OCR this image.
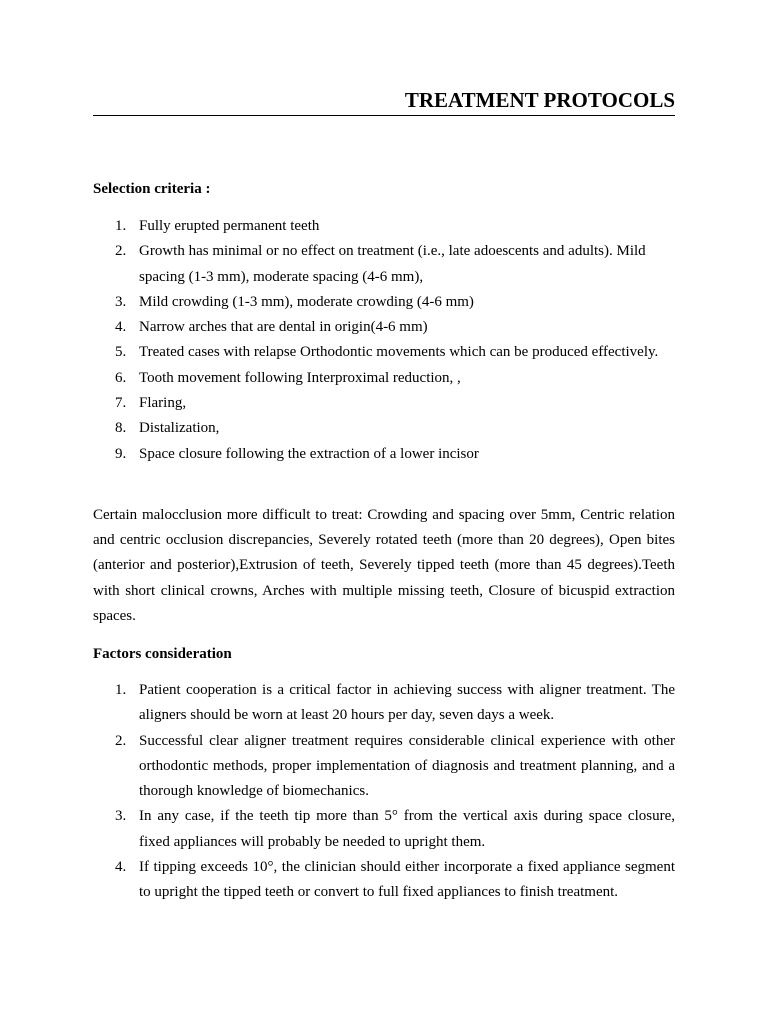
TREATMENT PROTOCOLS
Selection criteria :
1. Fully erupted permanent teeth
2. Growth has minimal or no effect on treatment (i.e., late adoescents and adults). Mild spacing (1-3 mm), moderate spacing (4-6 mm),
3. Mild crowding (1-3 mm), moderate crowding (4-6 mm)
4. Narrow arches that are dental in origin(4-6 mm)
5. Treated cases with relapse Orthodontic movements which can be produced effectively.
6. Tooth movement following Interproximal reduction, ,
7. Flaring,
8. Distalization,
9. Space closure following the extraction of a lower incisor

Certain malocclusion more difficult to treat: Crowding and spacing over 5mm, Centric relation and centric occlusion discrepancies, Severely rotated teeth (more than 20 degrees), Open bites (anterior and posterior),Extrusion of teeth, Severely tipped teeth (more than 45 degrees).Teeth with short clinical crowns, Arches with multiple missing teeth, Closure of bicuspid extraction spaces.

Factors consideration
1. Patient cooperation is a critical factor in achieving success with aligner treatment. The aligners should be worn at least 20 hours per day, seven days a week.
2. Successful clear aligner treatment requires considerable clinical experience with other orthodontic methods, proper implementation of diagnosis and treatment planning, and a thorough knowledge of biomechanics.
3. In any case, if the teeth tip more than 5° from the vertical axis during space closure, fixed appliances will probably be needed to upright them.
4. If tipping exceeds 10°, the clinician should either incorporate a fixed appliance segment to upright the tipped teeth or convert to full fixed appliances to finish treatment.
